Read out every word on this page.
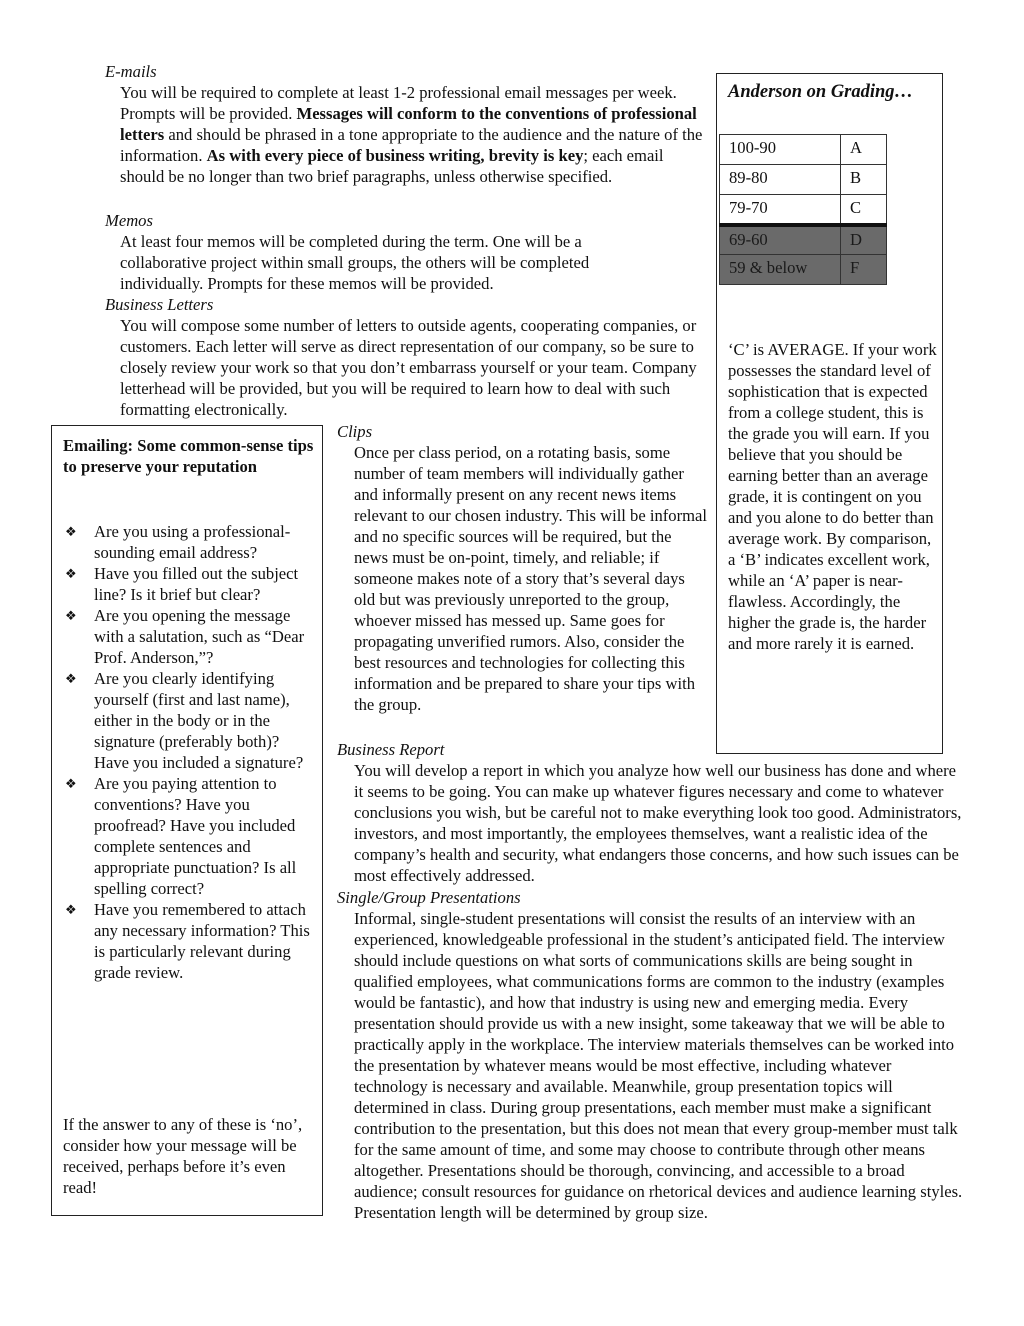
E-mails
You will be required to complete at least 1-2 professional email messages per week. Prompts will be provided. Messages will conform to the conventions of professional letters and should be phrased in a tone appropriate to the audience and the nature of the information. As with every piece of business writing, brevity is key; each email should be no longer than two brief paragraphs, unless otherwise specified.
Memos
At least four memos will be completed during the term. One will be a collaborative project within small groups, the others will be completed individually. Prompts for these memos will be provided.
Business Letters
You will compose some number of letters to outside agents, cooperating companies, or customers. Each letter will serve as direct representation of our company, so be sure to closely review your work so that you don’t embarrass yourself or your team. Company letterhead will be provided, but you will be required to learn how to deal with such formatting electronically.
Clips
Once per class period, on a rotating basis, some number of team members will individually gather and informally present on any recent news items relevant to our chosen industry. This will be informal and no specific sources will be required, but the news must be on-point, timely, and reliable; if someone makes note of a story that’s several days old but was previously unreported to the group, whoever missed has messed up. Same goes for propagating unverified rumors. Also, consider the best resources and technologies for collecting this information and be prepared to share your tips with the group.
Business Report
You will develop a report in which you analyze how well our business has done and where it seems to be going. You can make up whatever figures necessary and come to whatever conclusions you wish, but be careful not to make everything look too good. Administrators, investors, and most importantly, the employees themselves, want a realistic idea of the company’s health and security, what endangers those concerns, and how such issues can be most effectively addressed.
Single/Group Presentations
Informal, single-student presentations will consist the results of an interview with an experienced, knowledgeable professional in the student’s anticipated field. The interview should include questions on what sorts of communications skills are being sought in qualified employees, what communications forms are common to the industry (examples would be fantastic), and how that industry is using new and emerging media. Every presentation should provide us with a new insight, some takeaway that we will be able to practically apply in the workplace. The interview materials themselves can be worked into the presentation by whatever means would be most effective, including whatever technology is necessary and available. Meanwhile, group presentation topics will determined in class. During group presentations, each member must make a significant contribution to the presentation, but this does not mean that every group-member must talk for the same amount of time, and some may choose to contribute through other means altogether. Presentations should be thorough, convincing, and accessible to a broad audience; consult resources for guidance on rhetorical devices and audience learning styles. Presentation length will be determined by group size.
Anderson on Grading…
100-90	A
89-80	B
79-70	C
69-60	D
59 & below	F
‘C’ is AVERAGE. If your work possesses the standard level of sophistication that is expected from a college student, this is the grade you will earn. If you believe that you should be earning better than an average grade, it is contingent on you and you alone to do better than average work. By comparison, a ‘B’ indicates excellent work, while an ‘A’ paper is near-flawless. Accordingly, the higher the grade is, the harder and more rarely it is earned.
Emailing: Some common-sense tips to preserve your reputation
❖ Are you using a professional-sounding email address?
❖ Have you filled out the subject line? Is it brief but clear?
❖ Are you opening the message with a salutation, such as “Dear Prof. Anderson,”?
❖ Are you clearly identifying yourself (first and last name), either in the body or in the signature (preferably both)? Have you included a signature?
❖ Are you paying attention to conventions? Have you proofread? Have you included complete sentences and appropriate punctuation? Is all spelling correct?
❖ Have you remembered to attach any necessary information? This is particularly relevant during grade review.
If the answer to any of these is ‘no’, consider how your message will be received, perhaps before it’s even read!
